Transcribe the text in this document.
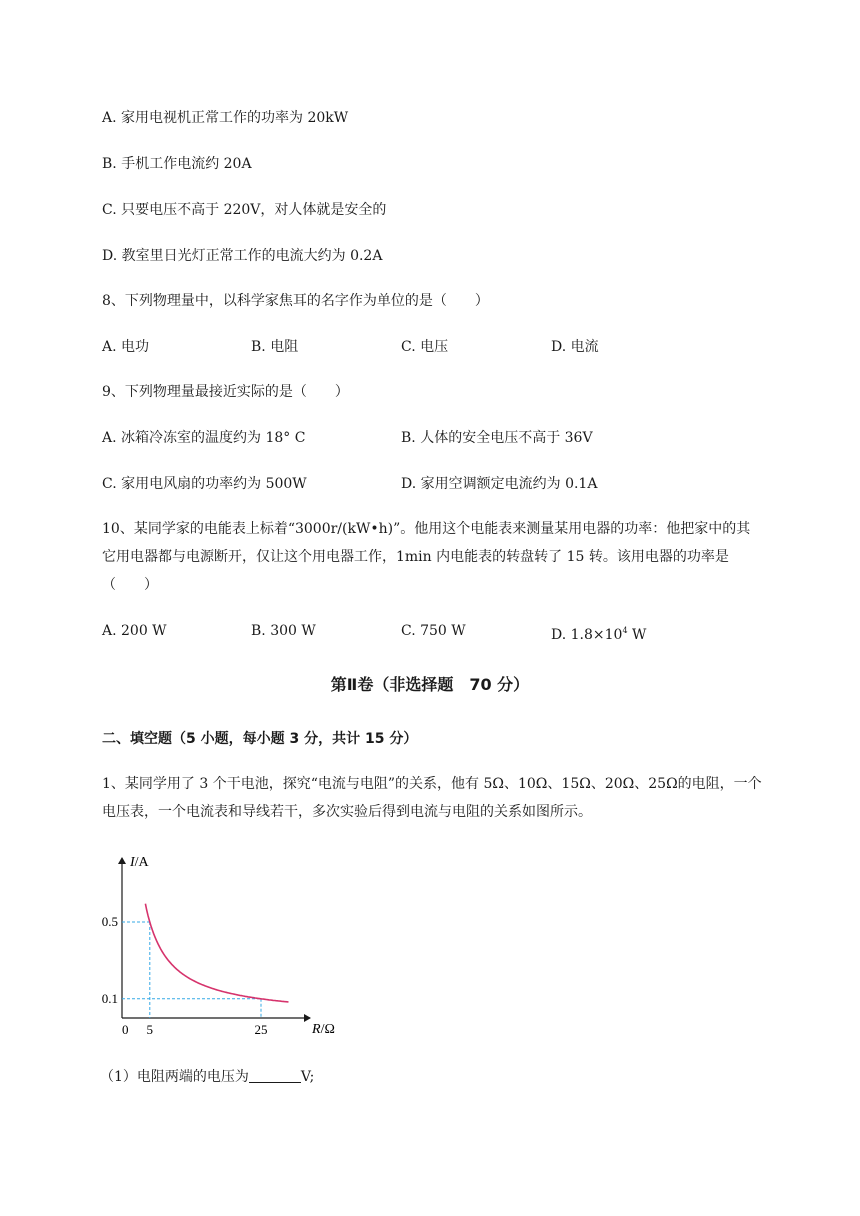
A. 家用电视机正常工作的功率为 20kW
B. 手机工作电流约 20A
C. 只要电压不高于 220V，对人体就是安全的
D. 教室里日光灯正常工作的电流大约为 0.2A
8、下列物理量中，以科学家焦耳的名字作为单位的是（　　）
A. 电功	B. 电阻	C. 电压	D. 电流
9、下列物理量最接近实际的是（　　）
A. 冰箱冷冻室的温度约为 18° C	B. 人体的安全电压不高于 36V
C. 家用电风扇的功率约为 500W	D. 家用空调额定电流约为 0.1A
10、某同学家的电能表上标着“3000r/(kW•h)”。他用这个电能表来测量某用电器的功率：他把家中的其它用电器都与电源断开，仅让这个用电器工作，1min 内电能表的转盘转了 15 转。该用电器的功率是（　　）
A. 200 W	B. 300 W	C. 750 W	D. $1.8\times 10^4$ W
第Ⅱ卷（非选择题　70 分）
二、填空题（5 小题，每小题 3 分，共计 15 分）
1、某同学用了 3 个干电池，探究“电流与电阻”的关系，他有 5Ω、10Ω、15Ω、20Ω、25Ω的电阻，一个电压表，一个电流表和导线若干，多次实验后得到电流与电阻的关系如图所示。
I/A
R/Ω
0 5	25
0.5
0.1
（1）电阻两端的电压为	V;
